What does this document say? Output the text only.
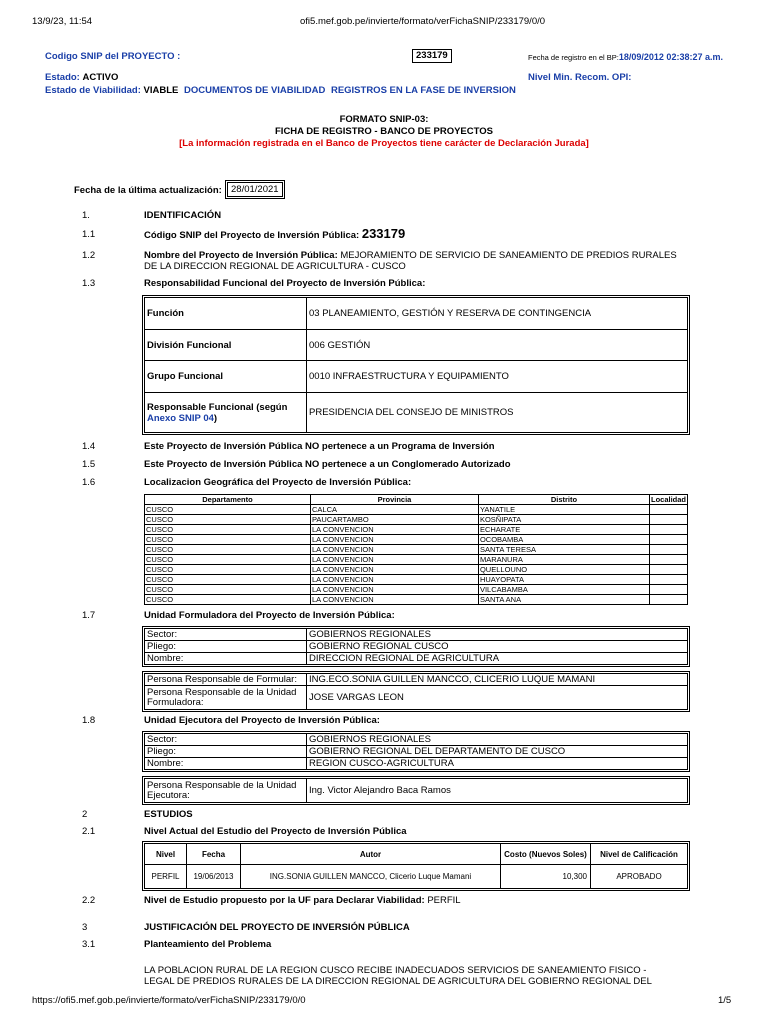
13/9/23, 11:54	ofi5.mef.gob.pe/invierte/formato/verFichaSNIP/233179/0/0
Codigo SNIP del PROYECTO :	233179	Fecha de registro en el BP:18/09/2012 02:38:27 a.m.
Estado: ACTIVO	Nivel Min. Recom. OPI:
Estado de Viabilidad: VIABLE DOCUMENTOS DE VIABILIDAD REGISTROS EN LA FASE DE INVERSION
FORMATO SNIP-03:
FICHA DE REGISTRO - BANCO DE PROYECTOS
[La información registrada en el Banco de Proyectos tiene carácter de Declaración Jurada]
Fecha de la última actualización: 28/01/2021
1.	IDENTIFICACIÓN
1.1	Código SNIP del Proyecto de Inversión Pública: 233179
1.2	Nombre del Proyecto de Inversión Pública: MEJORAMIENTO DE SERVICIO DE SANEAMIENTO DE PREDIOS RURALES
DE LA DIRECCION REGIONAL DE AGRICULTURA - CUSCO
1.3	Responsabilidad Funcional del Proyecto de Inversión Pública:
Función	03 PLANEAMIENTO, GESTIÓN Y RESERVA DE CONTINGENCIA
División Funcional	006 GESTIÓN
Grupo Funcional	0010 INFRAESTRUCTURA Y EQUIPAMIENTO
Responsable Funcional (según
Anexo SNIP 04)	PRESIDENCIA DEL CONSEJO DE MINISTROS
1.4	Este Proyecto de Inversión Pública NO pertenece a un Programa de Inversión
1.5	Este Proyecto de Inversión Pública NO pertenece a un Conglomerado Autorizado
1.6	Localizacion Geográfica del Proyecto de Inversión Pública:
Departamento	Provincia	Distrito	Localidad
CUSCO	CALCA	YANATILE	
CUSCO	PAUCARTAMBO	KOSÑIPATA	
CUSCO	LA CONVENCION	ECHARATE	
CUSCO	LA CONVENCION	OCOBAMBA	
CUSCO	LA CONVENCION	SANTA TERESA	
CUSCO	LA CONVENCION	MARANURA	
CUSCO	LA CONVENCION	QUELLOUNO	
CUSCO	LA CONVENCION	HUAYOPATA	
CUSCO	LA CONVENCION	VILCABAMBA	
CUSCO	LA CONVENCION	SANTA ANA	
1.7	Unidad Formuladora del Proyecto de Inversión Pública:
Sector:	GOBIERNOS REGIONALES
Pliego:	GOBIERNO REGIONAL CUSCO
Nombre:	DIRECCION REGIONAL DE AGRICULTURA
Persona Responsable de Formular:	ING.ECO.SONIA GUILLEN MANCCO, CLICERIO LUQUE MAMANI
Persona Responsable de la Unidad Formuladora:	JOSE VARGAS LEON
1.8	Unidad Ejecutora del Proyecto de Inversión Pública:
Sector:	GOBIERNOS REGIONALES
Pliego:	GOBIERNO REGIONAL DEL DEPARTAMENTO DE CUSCO
Nombre:	REGION CUSCO-AGRICULTURA
Persona Responsable de la Unidad Ejecutora:	Ing. Victor Alejandro Baca Ramos
2	ESTUDIOS
2.1	Nivel Actual del Estudio del Proyecto de Inversión Pública
Nivel	Fecha	Autor	Costo (Nuevos Soles)	Nivel de Calificación
PERFIL	19/06/2013	ING.SONIA GUILLEN MANCCO, Clicerio Luque Mamani	10,300	APROBADO
2.2	Nivel de Estudio propuesto por la UF para Declarar Viabilidad: PERFIL
3	JUSTIFICACIÓN DEL PROYECTO DE INVERSIÓN PÚBLICA
3.1	Planteamiento del Problema
LA POBLACION RURAL DE LA REGION CUSCO RECIBE INADECUADOS SERVICIOS DE SANEAMIENTO FISICO -
LEGAL DE PREDIOS RURALES DE LA DIRECCION REGIONAL DE AGRICULTURA DEL GOBIERNO REGIONAL DEL
https://ofi5.mef.gob.pe/invierte/formato/verFichaSNIP/233179/0/0	1/5
